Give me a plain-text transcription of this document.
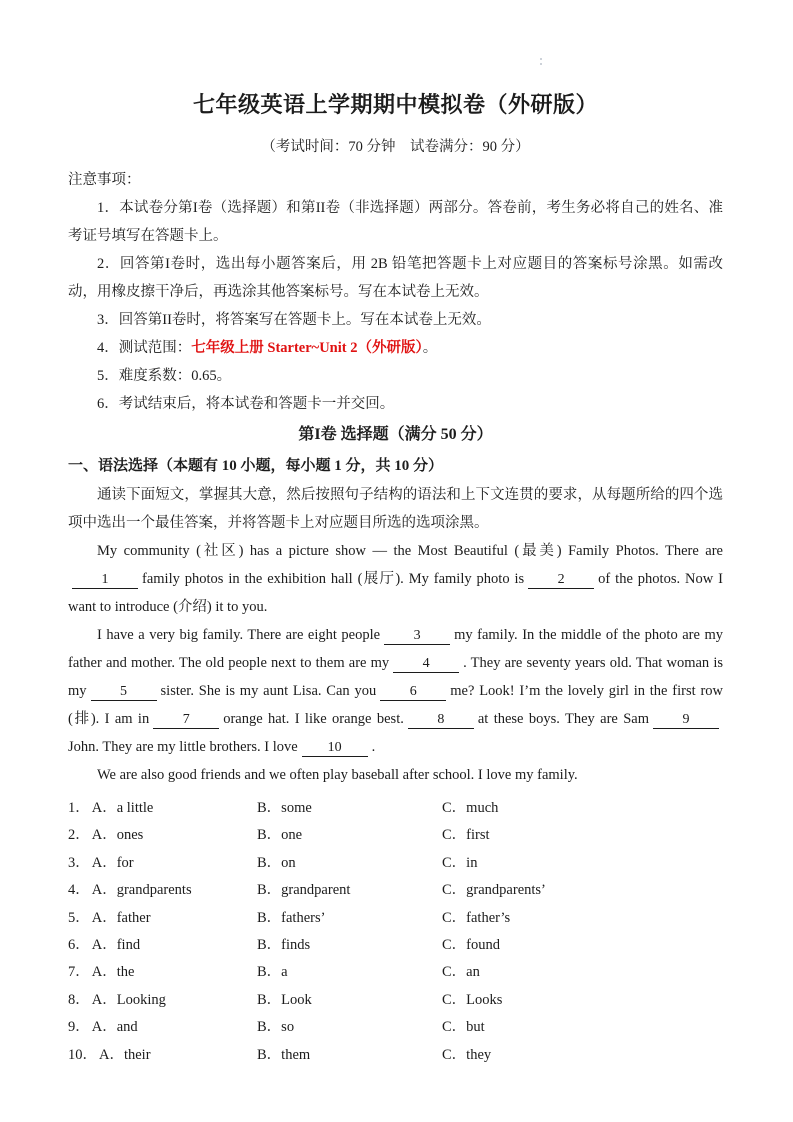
七年级英语上学期期中模拟卷（外研版）

（考试时间：70 分钟　试卷满分：90 分）

注意事项：

1．本试卷分第I卷（选择题）和第II卷（非选择题）两部分。答卷前，考生务必将自己的姓名、准考证号填写在答题卡上。

2．回答第I卷时，选出每小题答案后，用 2B 铅笔把答题卡上对应题目的答案标号涂黑。如需改动，用橡皮擦干净后，再选涂其他答案标号。写在本试卷上无效。

3．回答第II卷时，将答案写在答题卡上。写在本试卷上无效。

4．测试范围：七年级上册 Starter~Unit 2（外研版）。

5．难度系数：0.65。

6．考试结束后，将本试卷和答题卡一并交回。

第I卷 选择题（满分 50 分）
一、语法选择（本题有 10 小题，每小题 1 分，共 10 分）

通读下面短文，掌握其大意，然后按照句子结构的语法和上下文连贯的要求，从每题所给的四个选项中选出一个最佳答案，并将答题卡上对应题目所选的选项涂黑。

My community (社区) has a picture show — the Most Beautiful (最美) Family Photos. There are1 family photos in the exhibition hall (展厅). My family photo is 2 of the photos. Now I want to introduce (介绍) it to you.

I have a very big family. There are eight people 3 my family. In the middle of the photo are my father and mother. The old people next to them are my 4 . They are seventy years old. That woman is my 5 sister. She is my aunt Lisa. Can you 6 me? Look! I’m the lovely girl in the first row (排). I am in 7 orange hat. I like orange best. 8 at these boys. They are Sam 9John. They are my little brothers. I love 10 .

We are also good friends and we often play baseball after school. I love my family.

1． A．a little	B．some	C．much
2． A．ones	B．one	C．first
3． A．for	B．on	C．in
4． A．grandparents	B．grandparent	C．grandparents’
5． A．father	B．fathers’	C．father’s
6． A．find	B．finds	C．found
7． A．the	B．a	C．an
8． A．Looking	B．Look	C．Looks
9． A．and	B．so	C．but
10． A．their	B．them	C．they
